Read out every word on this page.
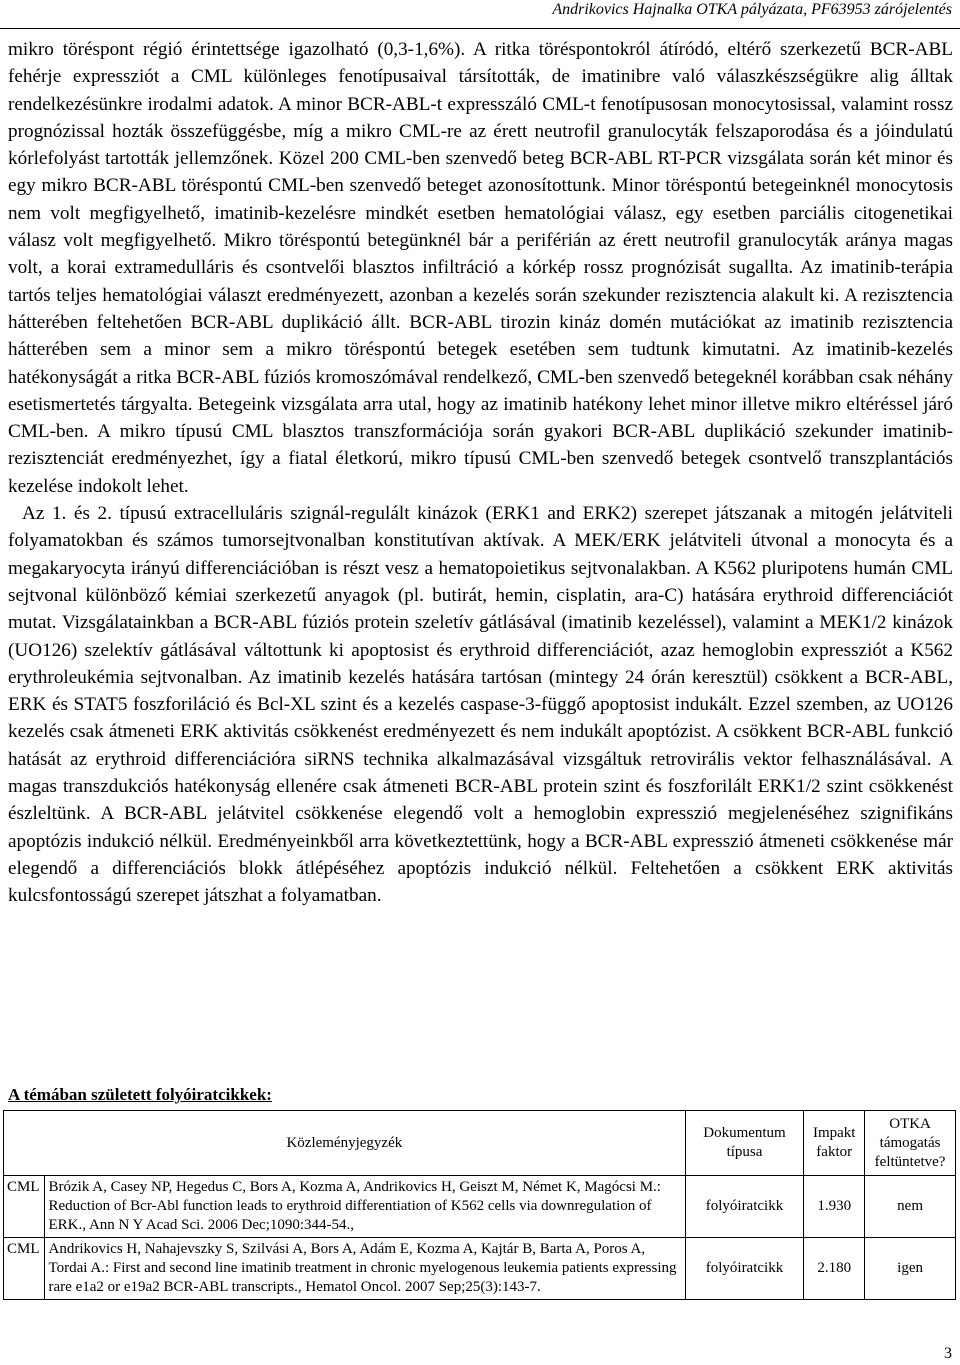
Andrikovics Hajnalka OTKA pályázata, PF63953 zárójelentés

mikro töréspont régió érintettsége igazolható (0,3-1,6%). A ritka töréspontokról átíródó, eltérő szerkezetű BCR-ABL fehérje expressziót a CML különleges fenotípusaival társították, de imatinibre való válaszkészségükre alig álltak rendelkezésünkre irodalmi adatok. A minor BCR-ABL-t expresszáló CML-t fenotípusosan monocytosissal, valamint rossz prognózissal hozták összefüggésbe, míg a mikro CML-re az érett neutrofil granulocyták felszaporodása és a jóindulatú kórlefolyást tartották jellemzőnek. Közel 200 CML-ben szenvedő beteg BCR-ABL RT-PCR vizsgálata során két minor és egy mikro BCR-ABL töréspontú CML-ben szenvedő beteget azonosítottunk. Minor töréspontú betegeinknél monocytosis nem volt megfigyelhető, imatinib-kezelésre mindkét esetben hematológiai válasz, egy esetben parciális citogenetikai válasz volt megfigyelhető. Mikro töréspontú betegünknél bár a periférián az érett neutrofil granulocyták aránya magas volt, a korai extramedulláris és csontvelői blasztos infiltráció a kórkép rossz prognózisát sugallta. Az imatinib-terápia tartós teljes hematológiai választ eredményezett, azonban a kezelés során szekunder rezisztencia alakult ki. A rezisztencia hátterében feltehetően BCR-ABL duplikáció állt. BCR-ABL tirozin kináz domén mutációkat az imatinib rezisztencia hátterében sem a minor sem a mikro töréspontú betegek esetében sem tudtunk kimutatni. Az imatinib-kezelés hatékonyságát a ritka BCR-ABL fúziós kromoszómával rendelkező, CML-ben szenvedő betegeknél korábban csak néhány esetismertetés tárgyalta. Betegeink vizsgálata arra utal, hogy az imatinib hatékony lehet minor illetve mikro eltéréssel járó CML-ben. A mikro típusú CML blasztos transzformációja során gyakori BCR-ABL duplikáció szekunder imatinib-rezisztenciát eredményezhet, így a fiatal életkorú, mikro típusú CML-ben szenvedő betegek csontvelő transzplantációs kezelése indokolt lehet.

Az 1. és 2. típusú extracelluláris szignál-regulált kinázok (ERK1 and ERK2) szerepet játszanak a mitogén jelátviteli folyamatokban és számos tumorsejtvonalban konstitutívan aktívak. A MEK/ERK jelátviteli útvonal a monocyta és a megakaryocyta irányú differenciációban is részt vesz a hematopoietikus sejtvonalakban. A K562 pluripotens humán CML sejtvonal különböző kémiai szerkezetű anyagok (pl. butirát, hemin, cisplatin, ara-C) hatására erythroid differenciációt mutat. Vizsgálatainkban a BCR-ABL fúziós protein szeletív gátlásával (imatinib kezeléssel), valamint a MEK1/2 kinázok (UO126) szelektív gátlásával váltottunk ki apoptosist és erythroid differenciációt, azaz hemoglobin expressziót a K562 erythroleukémia sejtvonalban. Az imatinib kezelés hatására tartósan (mintegy 24 órán keresztül) csökkent a BCR-ABL, ERK és STAT5 foszforiláció és Bcl-XL szint és a kezelés caspase-3-függő apoptosist indukált. Ezzel szemben, az UO126 kezelés csak átmeneti ERK aktivitás csökkenést eredményezett és nem indukált apoptózist. A csökkent BCR-ABL funkció hatását az erythroid differenciációra siRNS technika alkalmazásával vizsgáltuk retrovirális vektor felhasználásával. A magas transzdukciós hatékonyság ellenére csak átmeneti BCR-ABL protein szint és foszforilált ERK1/2 szint csökkenést észleltünk. A BCR-ABL jelátvitel csökkenése elegendő volt a hemoglobin expresszió megjelenéséhez szignifikáns apoptózis indukció nélkül. Eredményeinkből arra következtettünk, hogy a BCR-ABL expresszió átmeneti csökkenése már elegendő a differenciációs blokk átlépéséhez apoptózis indukció nélkül. Feltehetően a csökkent ERK aktivitás kulcsfontosságú szerepet játszhat a folyamatban.

A témában született folyóiratcikkek:
Közleményjegyzék		Dokumentum típusa	Impakt faktor	OTKA támogatás feltüntetve?
CML	Brózik A, Casey NP, Hegedus C, Bors A, Kozma A, Andrikovics H, Geiszt M, Német K, Magócsi M.: Reduction of Bcr-Abl function leads to erythroid differentiation of K562 cells via downregulation of ERK., Ann N Y Acad Sci. 2006 Dec;1090:344-54.,	folyóiratcikk	1.930	nem
CML	Andrikovics H, Nahajevszky S, Szilvási A, Bors A, Adám E, Kozma A, Kajtár B, Barta A, Poros A, Tordai A.: First and second line imatinib treatment in chronic myelogenous leukemia patients expressing rare e1a2 or e19a2 BCR-ABL transcripts., Hematol Oncol. 2007 Sep;25(3):143-7.	folyóiratcikk	2.180	igen
3
